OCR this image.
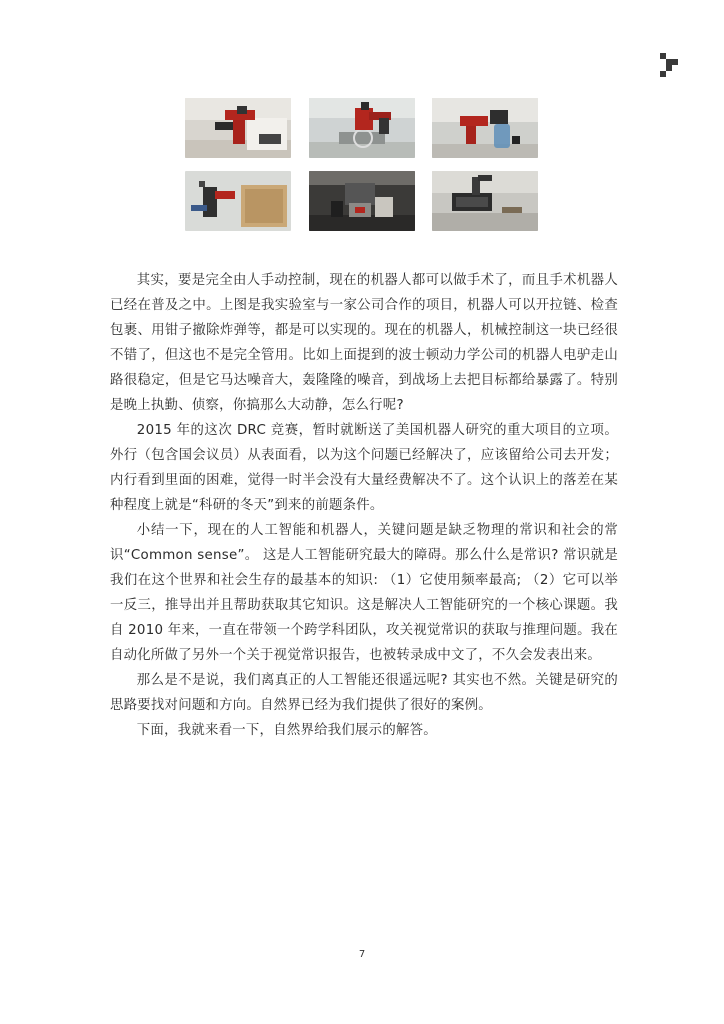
其实，要是完全由人手动控制，现在的机器人都可以做手术了，而且手术机器人已经在普及之中。上图是我实验室与一家公司合作的项目，机器人可以开拉链、检查包裹、用钳子撤除炸弹等，都是可以实现的。现在的机器人，机械控制这一块已经很不错了，但这也不是完全管用。比如上面提到的波士顿动力学公司的机器人电驴走山路很稳定，但是它马达噪音大，轰隆隆的噪音，到战场上去把目标都给暴露了。特别是晚上执勤、侦察，你搞那么大动静，怎么行呢?

2015 年的这次 DRC 竞赛，暂时就断送了美国机器人研究的重大项目的立项。外行（包含国会议员）从表面看，以为这个问题已经解决了，应该留给公司去开发；内行看到里面的困难，觉得一时半会没有大量经费解决不了。这个认识上的落差在某种程度上就是“科研的冬天”到来的前题条件。

小结一下，现在的人工智能和机器人，关键问题是缺乏物理的常识和社会的常识“Common sense”。 这是人工智能研究最大的障碍。那么什么是常识? 常识就是我们在这个世界和社会生存的最基本的知识: （1）它使用频率最高; （2）它可以举一反三，推导出并且帮助获取其它知识。这是解决人工智能研究的一个核心课题。我自 2010 年来，一直在带领一个跨学科团队，攻关视觉常识的获取与推理问题。我在自动化所做了另外一个关于视觉常识报告，也被转录成中文了，不久会发表出来。

那么是不是说，我们离真正的人工智能还很遥远呢? 其实也不然。关键是研究的思路要找对问题和方向。自然界已经为我们提供了很好的案例。

下面，我就来看一下，自然界给我们展示的解答。

7
